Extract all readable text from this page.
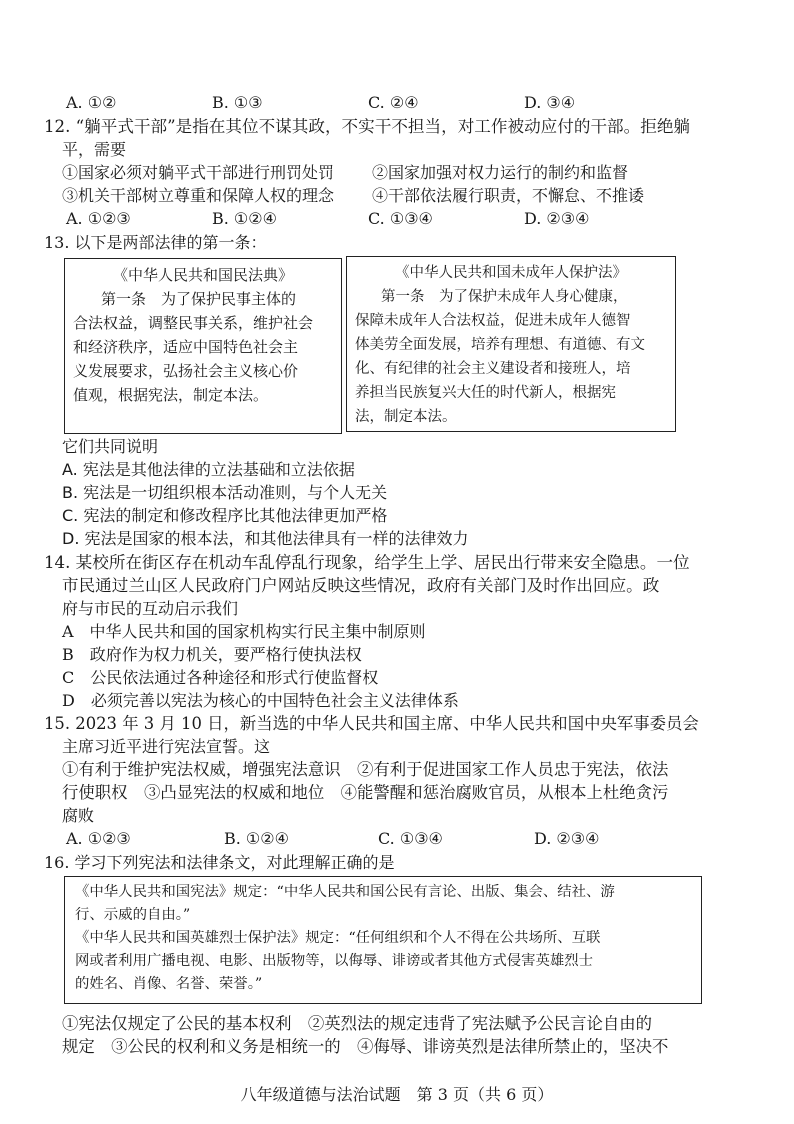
A. ①②	B. ①③	C. ②④	D. ③④
12. “躺平式干部”是指在其位不谋其政，不实干不担当，对工作被动应付的干部。拒绝躺
平，需要
①国家必须对躺平式干部进行刑罚处罚 ②国家加强对权力运行的制约和监督
③机关干部树立尊重和保障人权的理念 ④干部依法履行职责，不懈怠、不推诿
A. ①②③	B. ①②④	C. ①③④	D. ②③④
13. 以下是两部法律的第一条：

《中华人民共和国民法典》

第一条　为了保护民事主体的

合法权益，调整民事关系，维护社会

和经济秩序，适应中国特色社会主

义发展要求，弘扬社会主义核心价

值观，根据宪法，制定本法。

《中华人民共和国未成年人保护法》

第一条　为了保护未成年人身心健康，

保障未成年人合法权益，促进未成年人德智

体美劳全面发展，培养有理想、有道德、有文

化、有纪律的社会主义建设者和接班人，培

养担当民族复兴大任的时代新人，根据宪

法，制定本法。

它们共同说明
A. 宪法是其他法律的立法基础和立法依据
B. 宪法是一切组织根本活动准则，与个人无关
C. 宪法的制定和修改程序比其他法律更加严格
D. 宪法是国家的根本法，和其他法律具有一样的法律效力
14. 某校所在街区存在机动车乱停乱行现象，给学生上学、居民出行带来安全隐患。一位
市民通过兰山区人民政府门户网站反映这些情况，政府有关部门及时作出回应。政
府与市民的互动启示我们
A　中华人民共和国的国家机构实行民主集中制原则
B　政府作为权力机关，要严格行使执法权
C　公民依法通过各种途径和形式行使监督权
D　必须完善以宪法为核心的中国特色社会主义法律体系
15. 2023 年 3 月 10 日，新当选的中华人民共和国主席、中华人民共和国中央军事委员会
主席习近平进行宪法宣誓。这
①有利于维护宪法权威，增强宪法意识　②有利于促进国家工作人员忠于宪法，依法
行使职权　③凸显宪法的权威和地位　④能警醒和惩治腐败官员，从根本上杜绝贪污
腐败
A. ①②③	B. ①②④	C. ①③④	D. ②③④
16. 学习下列宪法和法律条文，对此理解正确的是

《中华人民共和国宪法》规定：“中华人民共和国公民有言论、出版、集会、结社、游

行、示威的自由。”

《中华人民共和国英雄烈士保护法》规定：“任何组织和个人不得在公共场所、互联

网或者利用广播电视、电影、出版物等，以侮辱、诽谤或者其他方式侵害英雄烈士

的姓名、肖像、名誉、荣誉。”

①宪法仅规定了公民的基本权利　②英烈法的规定违背了宪法赋予公民言论自由的
规定　③公民的权利和义务是相统一的　④侮辱、诽谤英烈是法律所禁止的，坚决不
八年级道德与法治试题　第 3 页（共 6 页）
